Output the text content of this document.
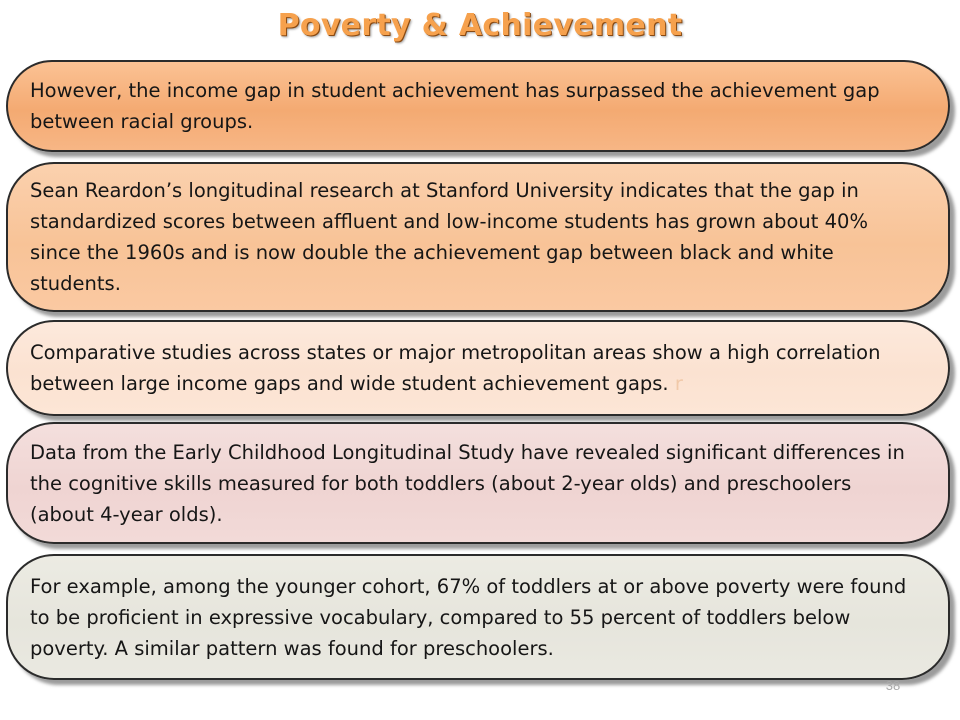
Poverty & Achievement

However, the income gap in student achievement has surpassed the achievement gap between racial groups.

Sean Reardon’s longitudinal research at Stanford University indicates that the gap in standardized scores between affluent and low-income students has grown about 40% since the 1960s and is now double the achievement gap between black and white students.

Comparative studies across states or major metropolitan areas show a high correlation between large income gaps and wide student achievement gaps. r

Data from the Early Childhood Longitudinal Study have revealed significant differences in the cognitive skills measured for both toddlers (about 2-year olds) and preschoolers (about 4-year olds).

For example, among the younger cohort, 67% of toddlers at or above poverty were found to be proficient in expressive vocabulary, compared to 55 percent of toddlers below poverty. A similar pattern was found for preschoolers.

38
